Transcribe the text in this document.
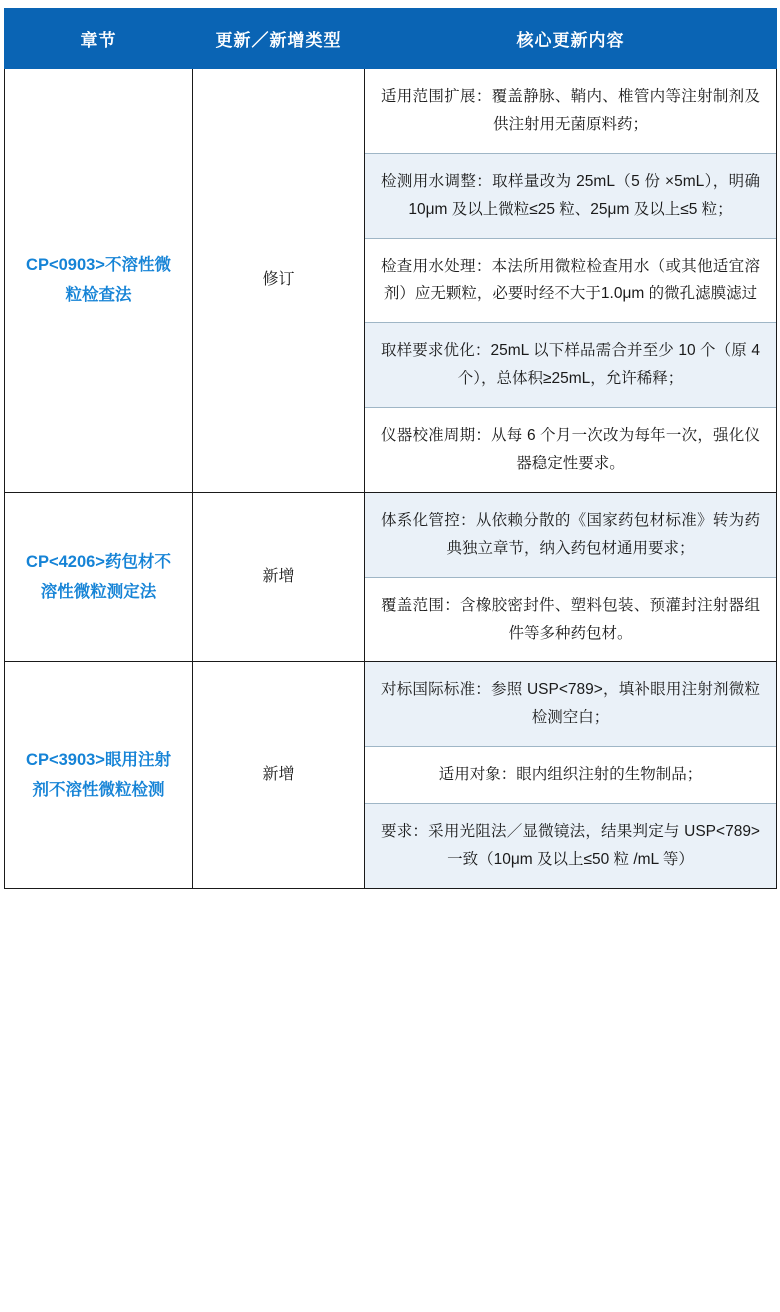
章节	更新／新增类型	核心更新内容
CP<0903>不溶性微粒检查法	修订	适用范围扩展：覆盖静脉、鞘内、椎管内等注射制剂及供注射用无菌原料药；
检测用水调整：取样量改为 25mL（5 份 ×5mL），明确 10μm 及以上微粒≤25 粒、25μm 及以上≤5 粒；
检查用水处理：本法所用微粒检查用水（或其他适宜溶剂）应无颗粒，必要时经不大于1.0μm 的微孔滤膜滤过
取样要求优化：25mL 以下样品需合并至少 10 个（原 4 个），总体积≥25mL，允许稀释；
仪器校准周期：从每 6 个月一次改为每年一次，强化仪器稳定性要求。

CP<4206>药包材不溶性微粒测定法	新增	体系化管控：从依赖分散的《国家药包材标准》转为药典独立章节，纳入药包材通用要求；
覆盖范围：含橡胶密封件、塑料包装、预灌封注射器组件等多种药包材。

CP<3903>眼用注射剂不溶性微粒检测	新增	对标国际标准：参照 USP<789>，填补眼用注射剂微粒检测空白；
适用对象：眼内组织注射的生物制品；
要求：采用光阻法／显微镜法，结果判定与 USP<789> 一致（10μm 及以上≤50 粒 /mL 等）
